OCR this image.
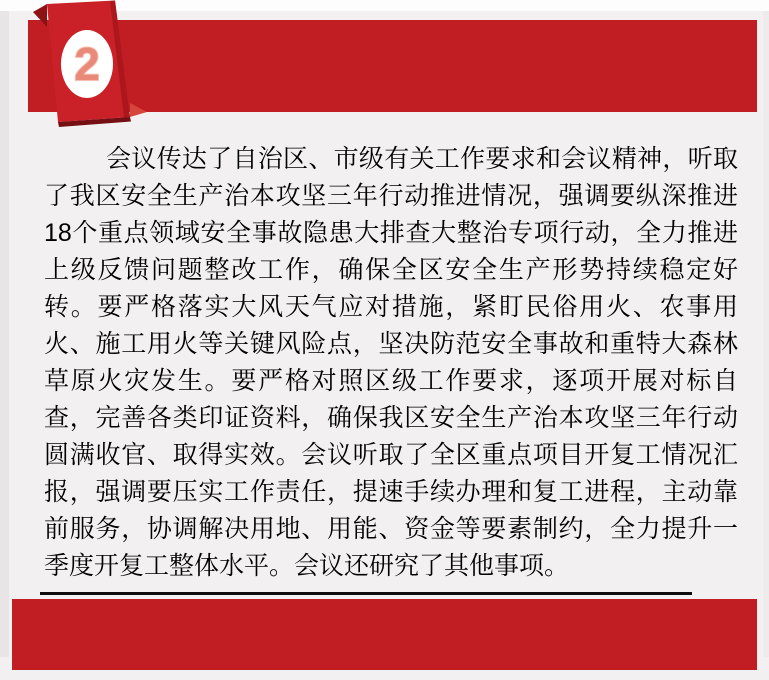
2

会议传达了自治区、市级有关工作要求和会议精神，听取了我区安全生产治本攻坚三年行动推进情况，强调要纵深推进18个重点领域安全事故隐患大排查大整治专项行动，全力推进上级反馈问题整改工作，确保全区安全生产形势持续稳定好转。要严格落实大风天气应对措施，紧盯民俗用火、农事用火、施工用火等关键风险点，坚决防范安全事故和重特大森林草原火灾发生。要严格对照区级工作要求，逐项开展对标自查，完善各类印证资料，确保我区安全生产治本攻坚三年行动圆满收官、取得实效。会议听取了全区重点项目开复工情况汇报，强调要压实工作责任，提速手续办理和复工进程，主动靠前服务，协调解决用地、用能、资金等要素制约，全力提升一季度开复工整体水平。会议还研究了其他事项。
